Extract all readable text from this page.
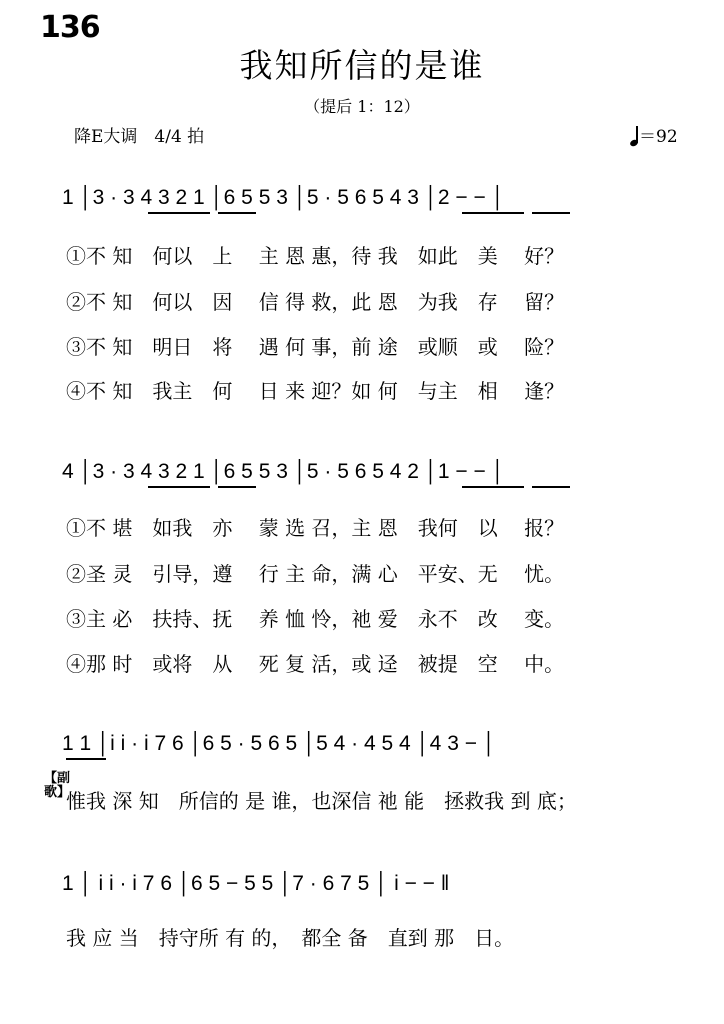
136
我知所信的是谁
（提后 1：12）
降E大调　4/4 拍	＝92
1 │3 · 3 4 3 2 1 │6 5 5 3 │5 · 5 6 5 4 3 │2 − − │
①不 知　何以　上　 主 恩 惠，待 我　如此　美　 好？
②不 知　何以　因　 信 得 救，此 恩　为我　存　 留？
③不 知　明日　将　 遇 何 事，前 途　或顺　或　 险？
④不 知　我主　何　 日 来 迎？如 何　与主　相　 逢？
4 │3 · 3 4 3 2 1 │6 5 5 3 │5 · 5 6 5 4 2 │1 − − │
①不 堪　如我　亦　 蒙 选 召，主 恩　我何　以　 报？
②圣 灵　引导，遵　 行 主 命，满 心　平安、无　 忧。
③主 必　扶持、抚　 养 恤 怜，祂 爱　永不　改　 变。
④那 时　或将　从　 死 复 活，或 迳　被提　空　 中。
1 1 │i i · i 7 6 │6 5 · 5 6 5 │5 4 · 4 5 4 │4 3 − │
【副歌】
惟我 深 知　所信的 是 谁，也深信 祂 能　拯救我 到 底；
1 │ i i · i 7 6 │6 5 − 5 5 │7 · 6 7 5 │ i − − ‖
我 应 当　持守所 有 的，　都全 备　直到 那　日。
